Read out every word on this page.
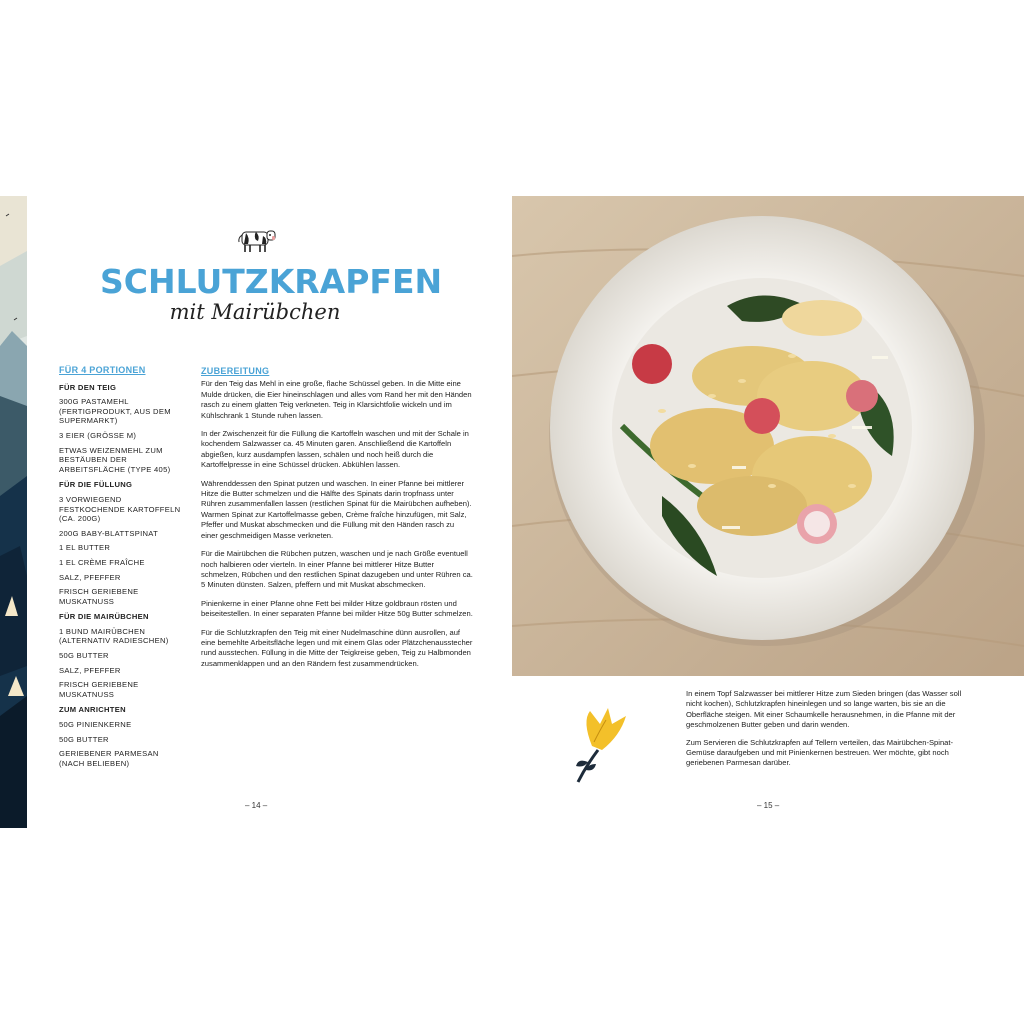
SCHLUTZKRAPFEN
mit Mairübchen
FÜR 4 PORTIONEN
FÜR DEN TEIG
300G PASTAMEHL (FERTIGPRODUKT, AUS DEM SUPERMARKT)
3 EIER (GRÖSSE M)
ETWAS WEIZENMEHL ZUM BESTÄUBEN DER ARBEITSFLÄCHE (TYPE 405)
FÜR DIE FÜLLUNG
3 VORWIEGEND FESTKOCHENDE KARTOFFELN (CA. 200G)
200G BABY-BLATTSPINAT
1 EL BUTTER
1 EL CRÈME FRAÎCHE
SALZ, PFEFFER
FRISCH GERIEBENE MUSKATNUSS
FÜR DIE MAIRÜBCHEN
1 BUND MAIRÜBCHEN (ALTERNATIV RADIESCHEN)
50G BUTTER
SALZ, PFEFFER
FRISCH GERIEBENE MUSKATNUSS
ZUM ANRICHTEN
50G PINIENKERNE
50G BUTTER
GERIEBENER PARMESAN (NACH BELIEBEN)
ZUBEREITUNG

Für den Teig das Mehl in eine große, flache Schüssel geben. In die Mitte eine Mulde drücken, die Eier hineinschlagen und alles vom Rand her mit den Händen rasch zu einem glatten Teig verkneten. Teig in Klarsichtfolie wickeln und im Kühlschrank 1 Stunde ruhen lassen.

In der Zwischenzeit für die Füllung die Kartoffeln waschen und mit der Schale in kochendem Salzwasser ca. 45 Minuten garen. Anschließend die Kartoffeln abgießen, kurz ausdampfen lassen, schälen und noch heiß durch die Kartoffelpresse in eine Schüssel drücken. Abkühlen lassen.

Währenddessen den Spinat putzen und waschen. In einer Pfanne bei mittlerer Hitze die Butter schmelzen und die Hälfte des Spinats darin tropfnass unter Rühren zusammenfallen lassen (restlichen Spinat für die Mairübchen aufheben). Warmen Spinat zur Kartoffelmasse geben, Crème fraîche hinzufügen, mit Salz, Pfeffer und Muskat abschmecken und die Füllung mit den Händen rasch zu einer geschmeidigen Masse verkneten.

Für die Mairübchen die Rübchen putzen, waschen und je nach Größe eventuell noch halbieren oder vierteln. In einer Pfanne bei mittlerer Hitze Butter schmelzen, Rübchen und den restlichen Spinat dazugeben und unter Rühren ca. 5 Minuten dünsten. Salzen, pfeffern und mit Muskat abschmecken.

Pinienkerne in einer Pfanne ohne Fett bei milder Hitze goldbraun rösten und beiseitestellen. In einer separaten Pfanne bei milder Hitze 50g Butter schmelzen.

Für die Schlutzkrapfen den Teig mit einer Nudelmaschine dünn ausrollen, auf eine bemehlte Arbeitsfläche legen und mit einem Glas oder Plätzchenausstecher rund ausstechen. Füllung in die Mitte der Teigkreise geben, Teig zu Halbmonden zusammenklappen und an den Rändern fest zusammendrücken.

– 14 –

In einem Topf Salzwasser bei mittlerer Hitze zum Sieden bringen (das Wasser soll nicht kochen), Schlutzkrapfen hineinlegen und so lange warten, bis sie an die Oberfläche steigen. Mit einer Schaumkelle herausnehmen, in die Pfanne mit der geschmolzenen Butter geben und darin wenden.

Zum Servieren die Schlutzkrapfen auf Tellern verteilen, das Mairübchen-Spinat-Gemüse daraufgeben und mit Pinienkernen bestreuen. Wer möchte, gibt noch geriebenen Parmesan darüber.

– 15 –
